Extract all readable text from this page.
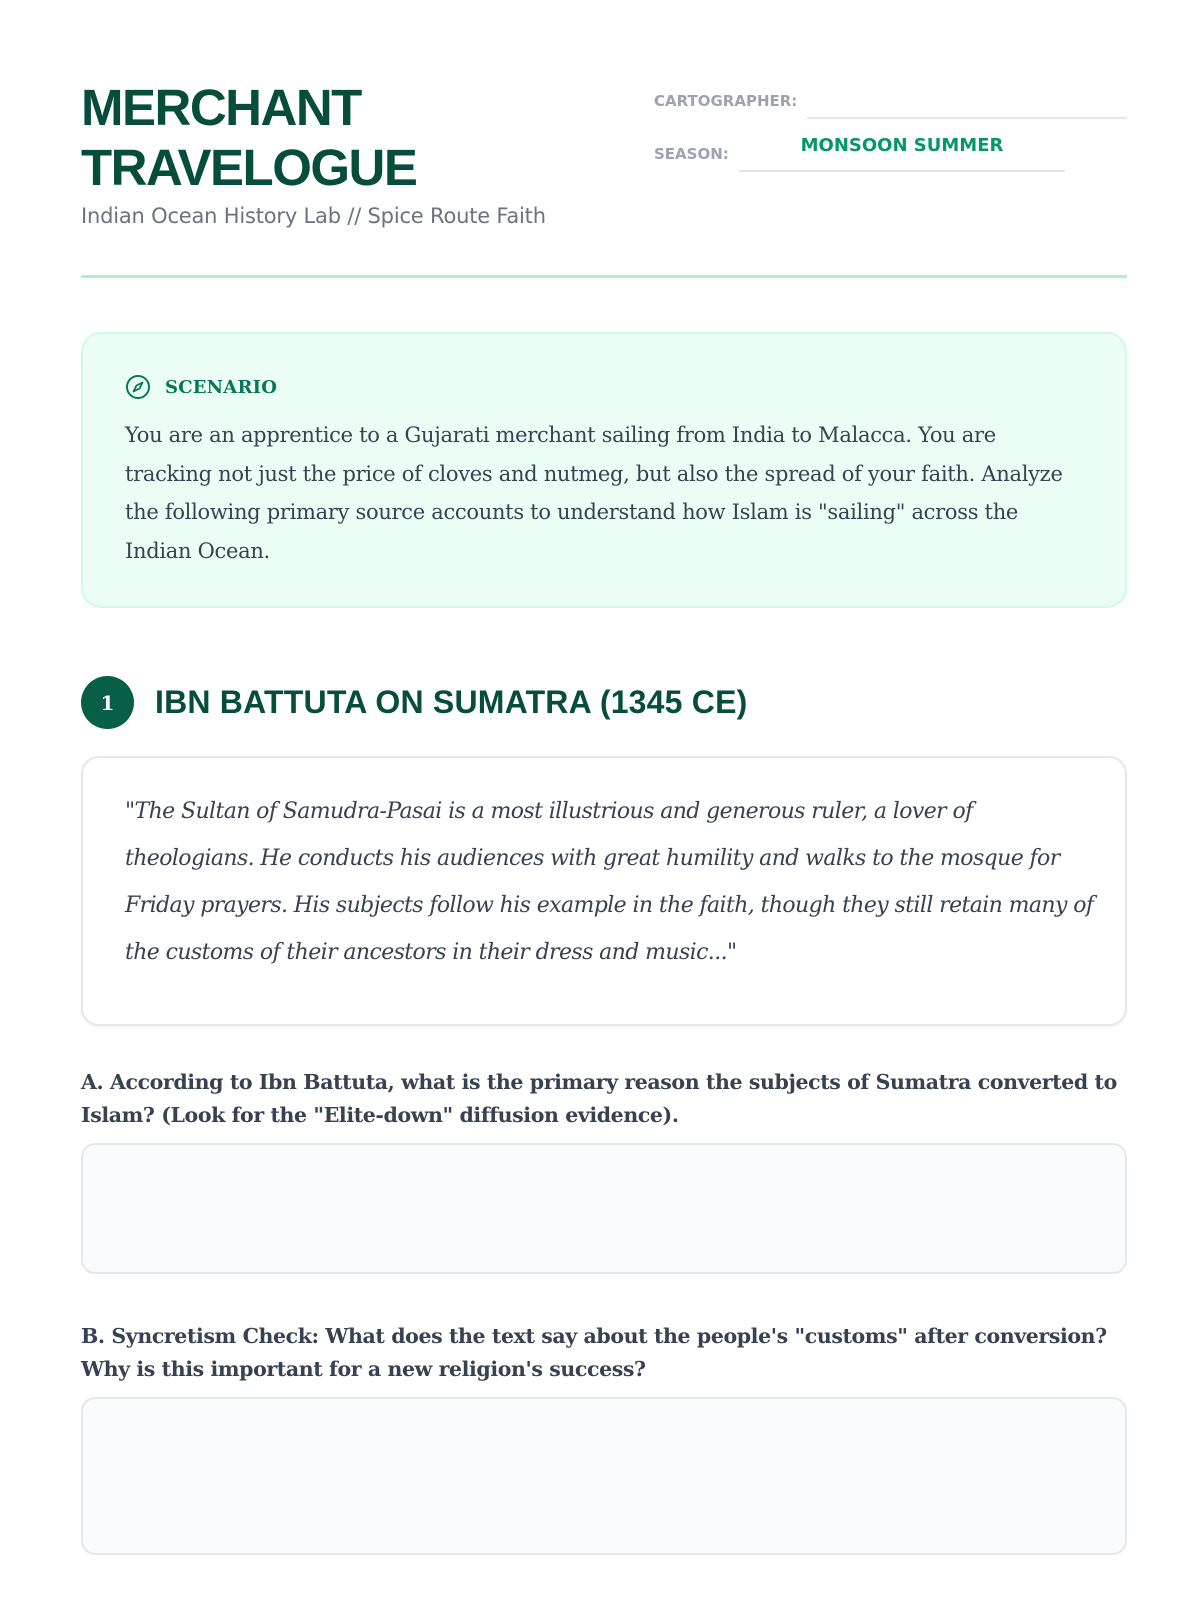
MERCHANT
TRAVELOGUE
Indian Ocean History Lab // Spice Route Faith
CARTOGRAPHER:
SEASON:	MONSOON SUMMER
SCENARIO
You are an apprentice to a Gujarati merchant sailing from India to Malacca. You are tracking not just the price of cloves and nutmeg, but also the spread of your faith. Analyze the following primary source accounts to understand how Islam is "sailing" across the Indian Ocean.
1	IBN BATTUTA ON SUMATRA (1345 CE)
"The Sultan of Samudra-Pasai is a most illustrious and generous ruler, a lover of theologians. He conducts his audiences with great humility and walks to the mosque for Friday prayers. His subjects follow his example in the faith, though they still retain many of the customs of their ancestors in their dress and music..."
A. According to Ibn Battuta, what is the primary reason the subjects of Sumatra converted to Islam? (Look for the "Elite-down" diffusion evidence).
B. Syncretism Check: What does the text say about the people's "customs" after conversion? Why is this important for a new religion's success?
